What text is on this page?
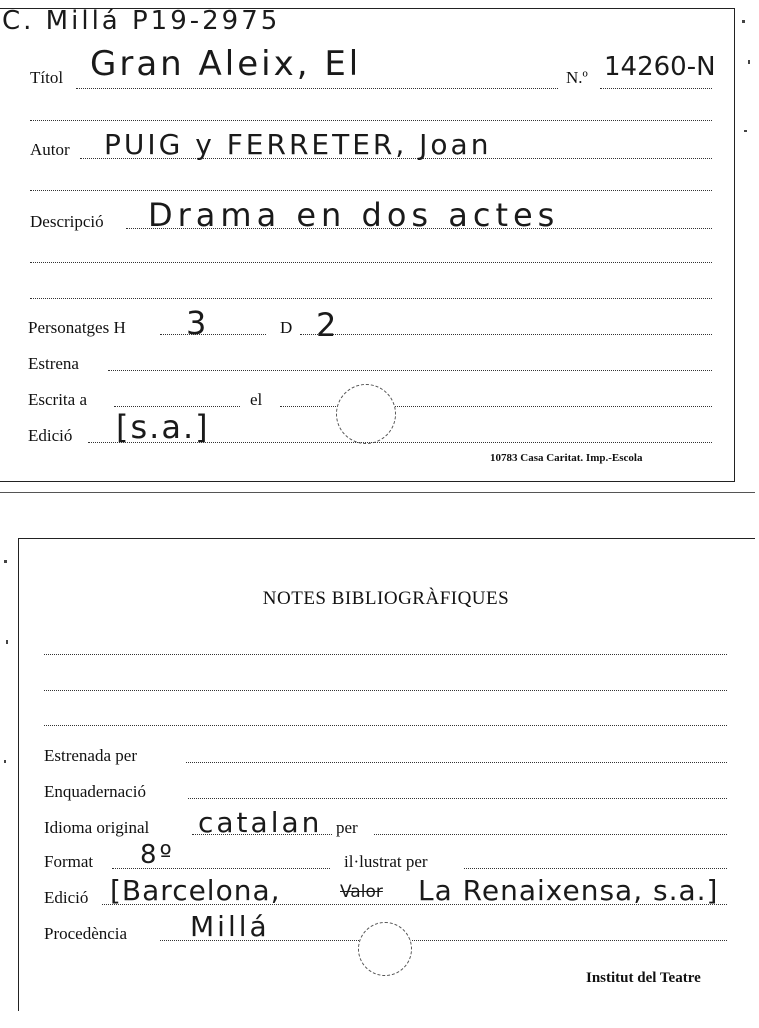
C. Millá P19-2975
Títol Gran Aleix, El	N.º 14260-N
Autor PUIG y FERRETER, Joan
Descripció Drama en dos actes
Personatges H 3	D 2
Estrena
Escrita a	el
Edició [s.a.]
10783 Casa Caritat. Imp.-Escola
NOTES BIBLIOGRÀFIQUES
Estrenada per
Enquadernació
Idioma original catalan per
Format 8º	il·lustrat per
Edició [Barcelona,	Valor La Renaixensa, s.a.]
Procedència Millá
Institut del Teatre
